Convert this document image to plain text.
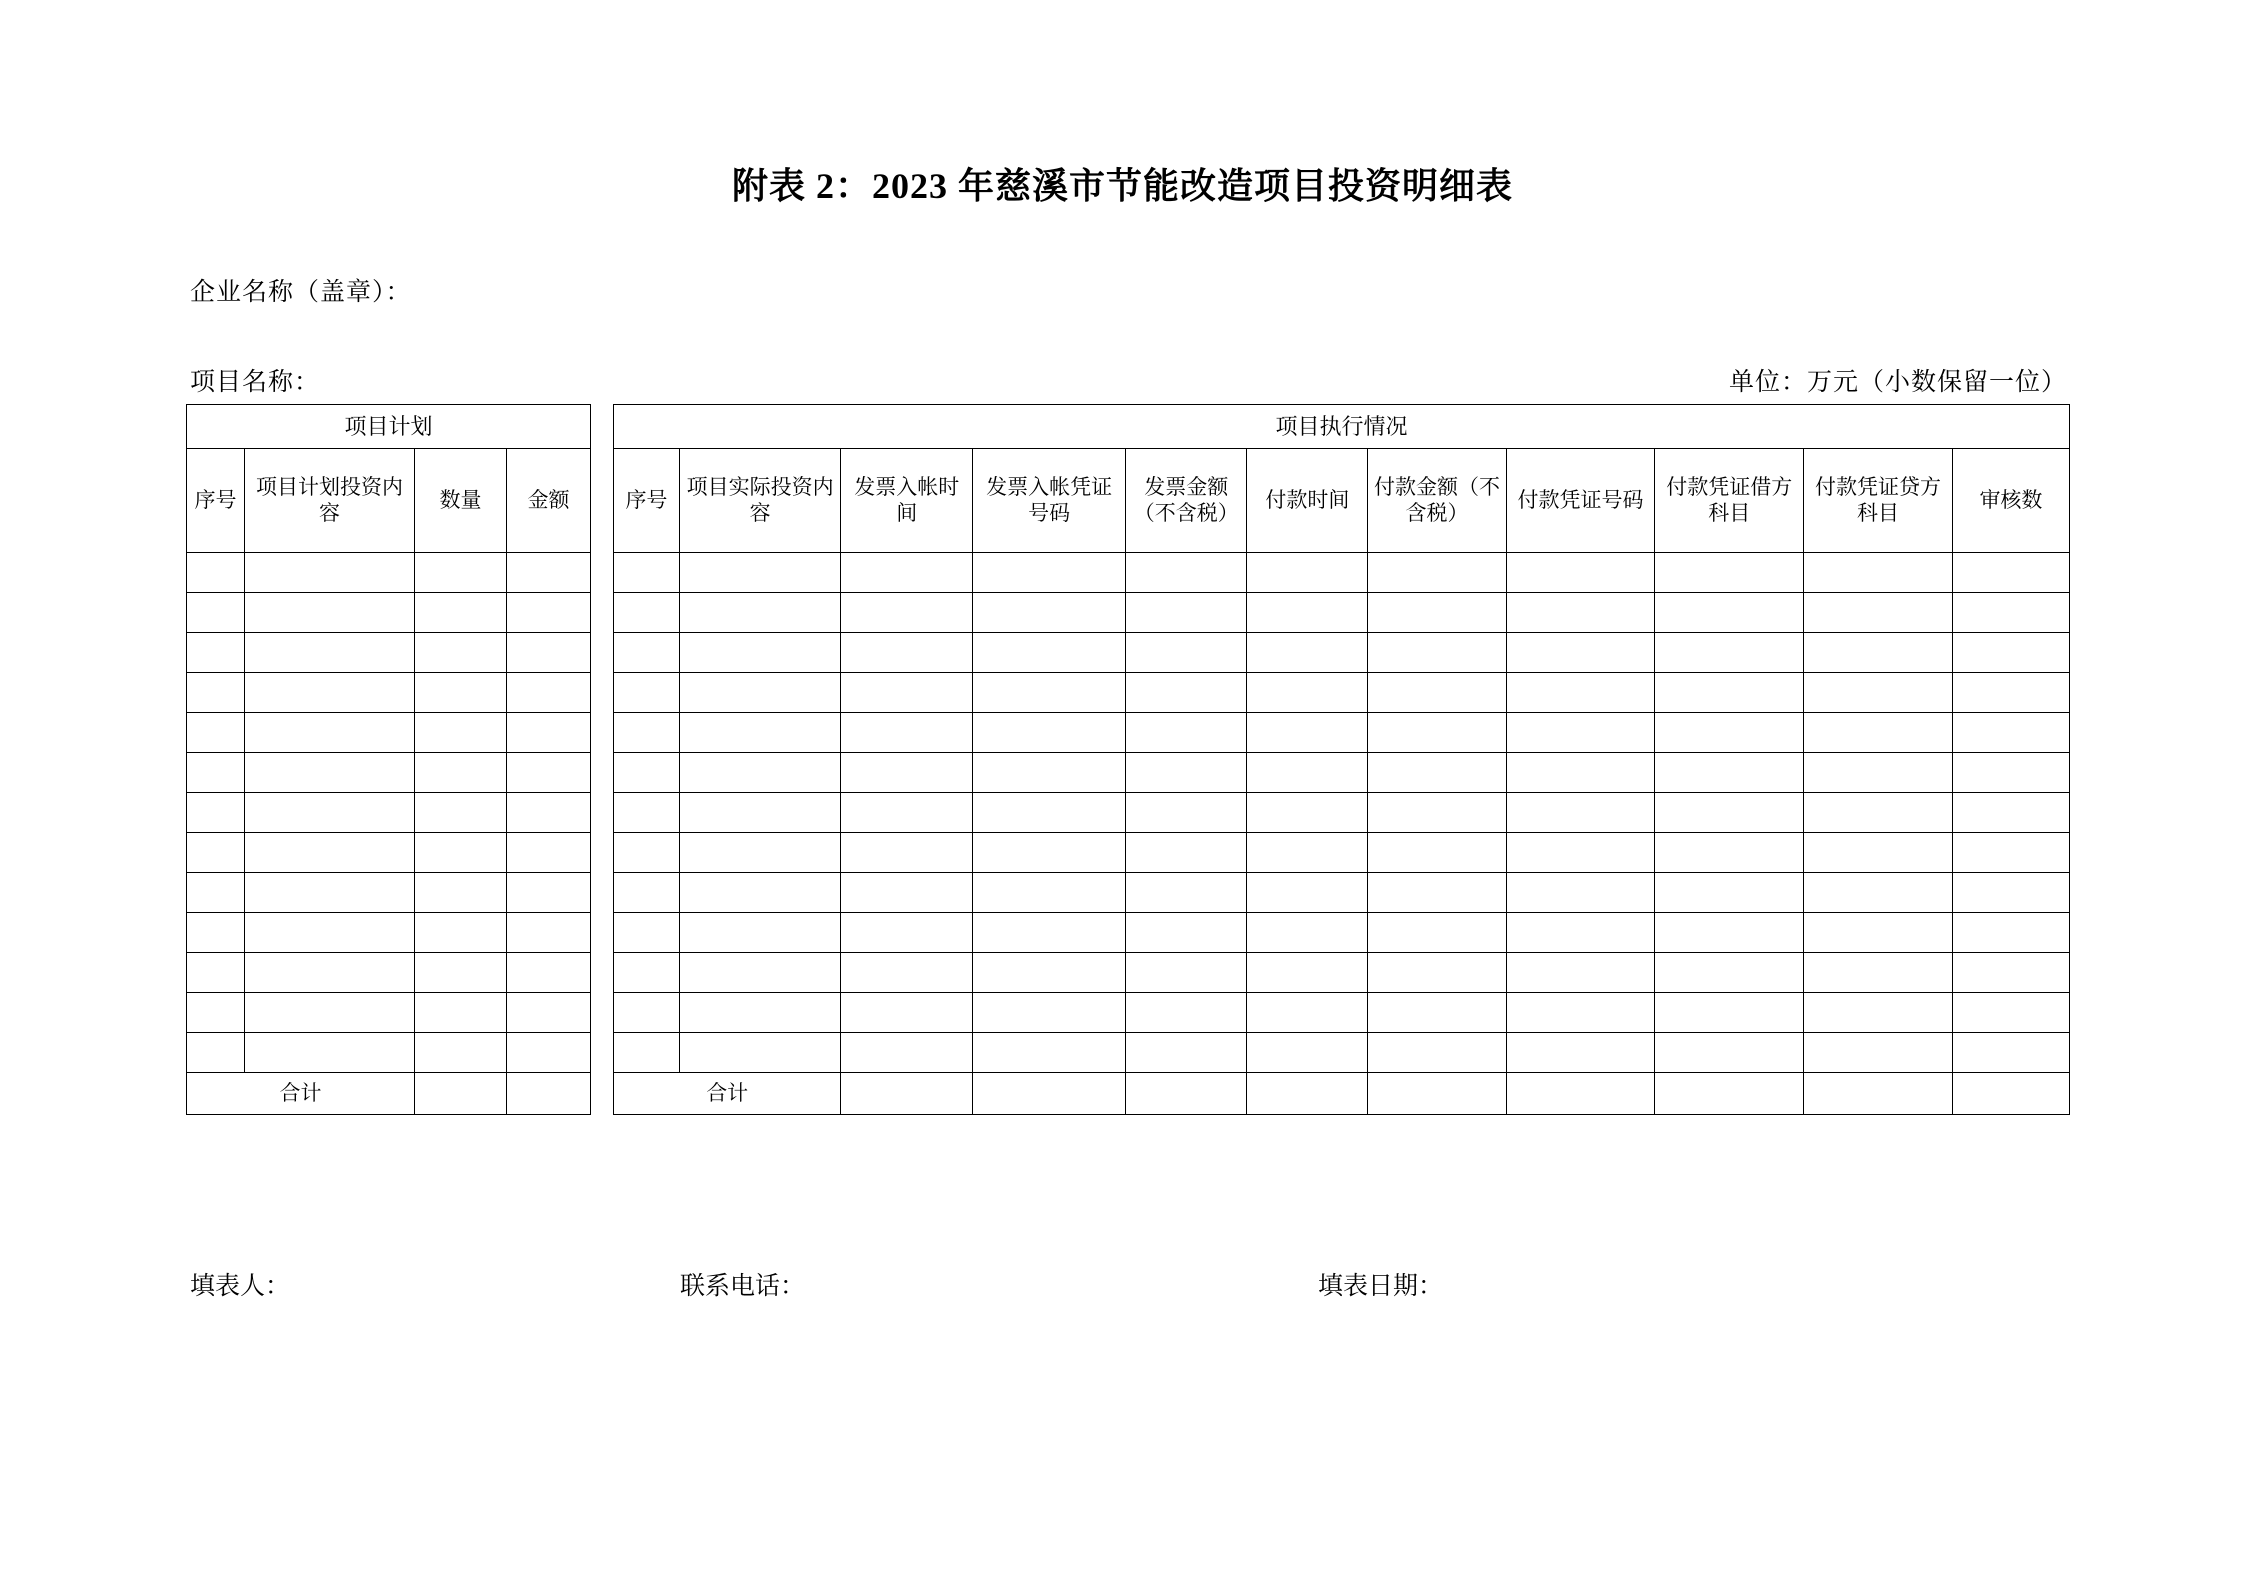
附表 2：2023 年慈溪市节能改造项目投资明细表
企业名称（盖章）：
项目名称：	单位：万元（小数保留一位）
项目计划			
序号	项目计划投资内容	数量	金额

合计			
项目执行情况										
序号	项目实际投资内容	发票入帐时间	发票入帐凭证号码	发票金额（不含税）	付款时间	付款金额（不含税）	付款凭证号码	付款凭证借方科目	付款凭证贷方科目	审核数

合计										
填表人：	联系电话：	填表日期：
